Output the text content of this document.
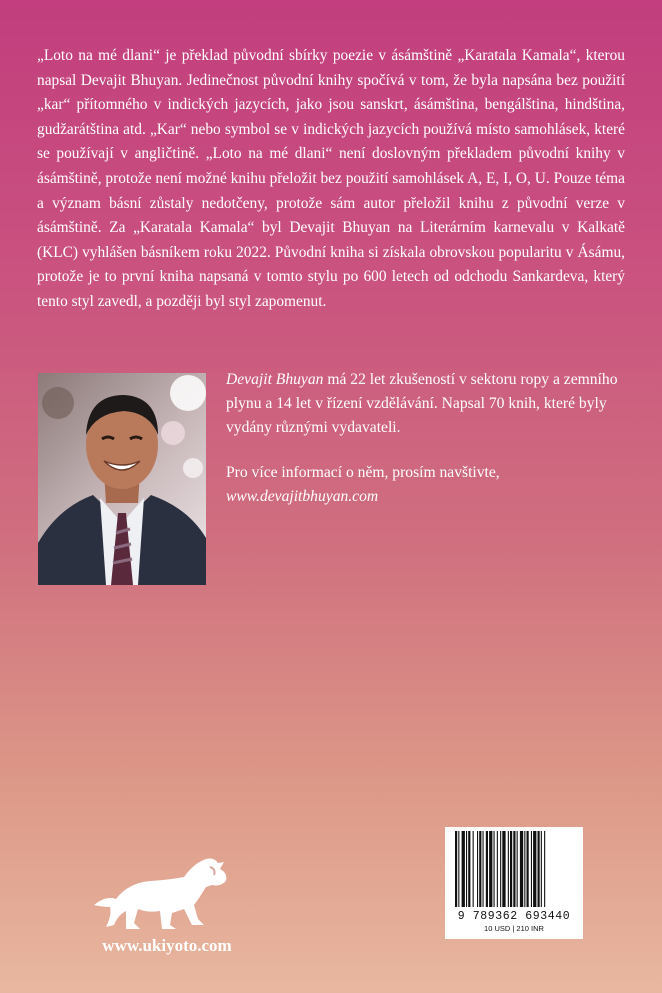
„Loto na mé dlani“ je překlad původní sbírky poezie v ásámštině „Karatala Kamala“, kterou napsal Devajit Bhuyan. Jedinečnost původní knihy spočívá v tom, že byla napsána bez použití „kar“ přítomného v indických jazycích, jako jsou sanskrt, ásámština, bengálština, hindština, gudžarátština atd. „Kar“ nebo symbol se v indických jazycích používá místo samohlásek, které se používají v angličtině. „Loto na mé dlani“ není doslovným překladem původní knihy v ásámštině, protože není možné knihu přeložit bez použití samohlásek A, E, I, O, U. Pouze téma a význam básní zůstaly nedotčeny, protože sám autor přeložil knihu z původní verze v ásámštině. Za „Karatala Kamala“ byl Devajit Bhuyan na Literárním karnevalu v Kalkatě (KLC) vyhlášen básníkem roku 2022. Původní kniha si získala obrovskou popularitu v Ásámu, protože je to první kniha napsaná v tomto stylu po 600 letech od odchodu Sankardeva, který tento styl zavedl, a později byl styl zapomenut.

Devajit Bhuyan má 22 let zkušeností v sektoru ropy a zemního plynu a 14 let v řízení vzdělávání. Napsal 70 knih, které byly vydány různými vydavateli.

Pro více informací o něm, prosím navštivte,
www.devajitbhuyan.com

www.ukiyoto.com
9 789362 693440
10 USD | 210 INR
